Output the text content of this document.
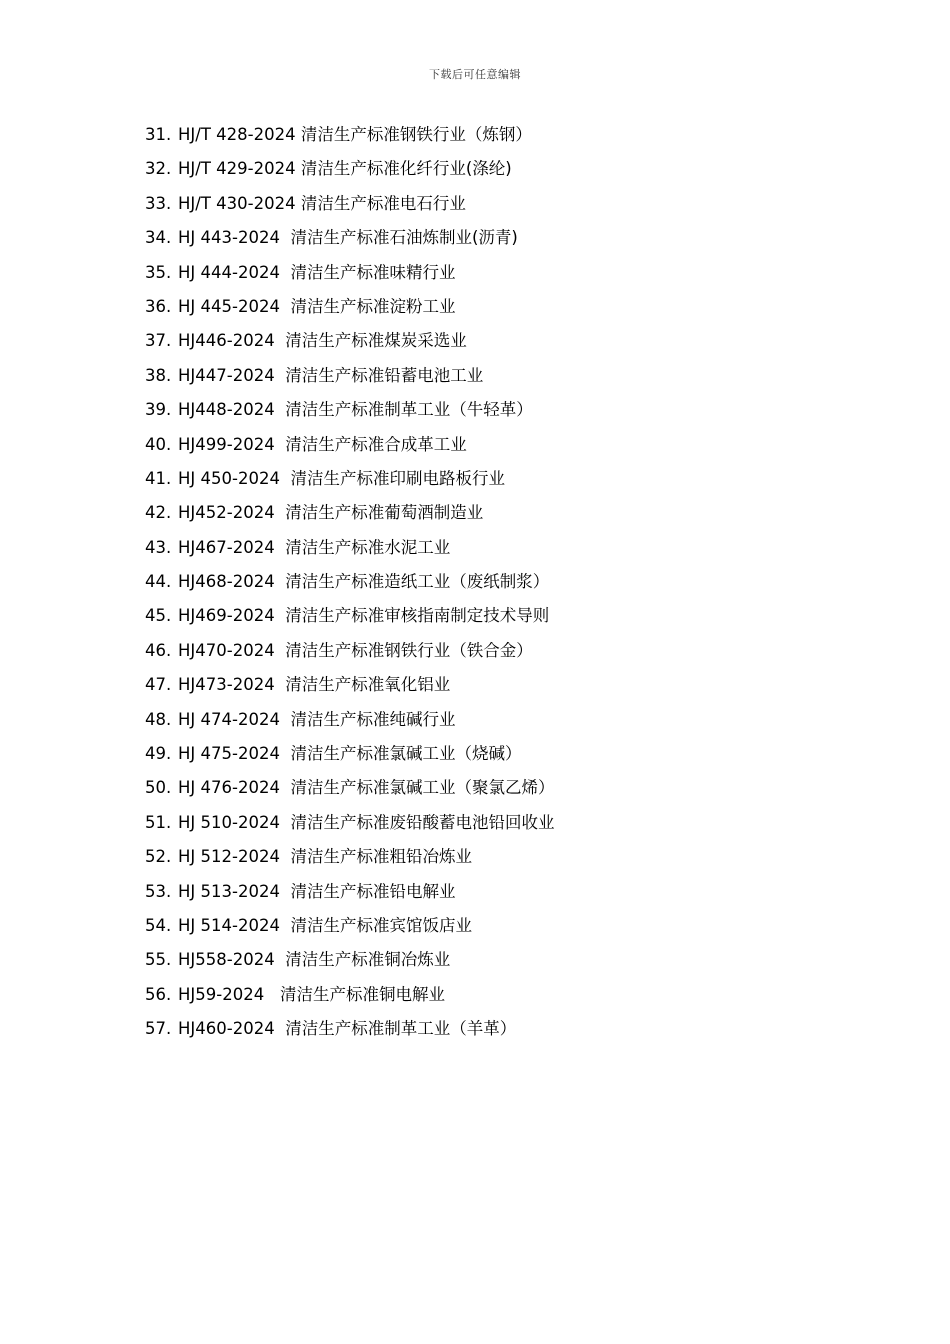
下载后可任意编辑
31. HJ/T 428-2024 清洁生产标准钢铁行业（炼钢）
32. HJ/T 429-2024 清洁生产标准化纤行业(涤纶)
33. HJ/T 430-2024 清洁生产标准电石行业
34. HJ 443-2024  清洁生产标准石油炼制业(沥青)
35. HJ 444-2024  清洁生产标准味精行业
36. HJ 445-2024  清洁生产标准淀粉工业
37. HJ446-2024  清洁生产标准煤炭采选业
38. HJ447-2024  清洁生产标准铅蓄电池工业
39. HJ448-2024  清洁生产标准制革工业（牛轻革）
40. HJ499-2024  清洁生产标准合成革工业
41. HJ 450-2024  清洁生产标准印刷电路板行业
42. HJ452-2024  清洁生产标准葡萄酒制造业
43. HJ467-2024  清洁生产标准水泥工业
44. HJ468-2024  清洁生产标准造纸工业（废纸制浆）
45. HJ469-2024  清洁生产标准审核指南制定技术导则
46. HJ470-2024  清洁生产标准钢铁行业（铁合金）
47. HJ473-2024  清洁生产标准氧化铝业
48. HJ 474-2024  清洁生产标准纯碱行业
49. HJ 475-2024  清洁生产标准氯碱工业（烧碱）
50. HJ 476-2024  清洁生产标准氯碱工业（聚氯乙烯）
51. HJ 510-2024  清洁生产标准废铅酸蓄电池铅回收业
52. HJ 512-2024  清洁生产标准粗铅冶炼业
53. HJ 513-2024  清洁生产标准铅电解业
54. HJ 514-2024  清洁生产标准宾馆饭店业
55. HJ558-2024  清洁生产标准铜冶炼业
56. HJ59-2024   清洁生产标准铜电解业
57. HJ460-2024  清洁生产标准制革工业（羊革）
